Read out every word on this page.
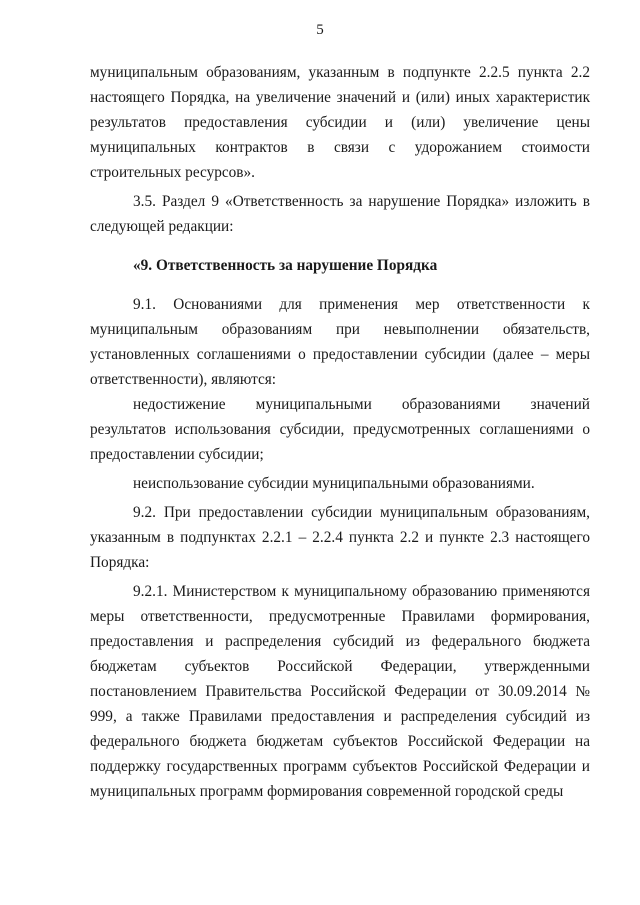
5

муниципальным образованиям, указанным в подпункте 2.2.5 пункта 2.2 настоящего Порядка, на увеличение значений и (или) иных характеристик результатов предоставления субсидии и (или) увеличение цены муниципальных контрактов в связи с удорожанием стоимости строительных ресурсов».

3.5. Раздел 9 «Ответственность за нарушение Порядка» изложить в следующей редакции:

«9. Ответственность за нарушение Порядка

9.1. Основаниями для применения мер ответственности к муниципальным образованиям при невыполнении обязательств, установленных соглашениями о предоставлении субсидии (далее – меры ответственности), являются:

недостижение муниципальными образованиями значений результатов использования субсидии, предусмотренных соглашениями о предоставлении субсидии;

неиспользование субсидии муниципальными образованиями.

9.2. При предоставлении субсидии муниципальным образованиям, указанным в подпунктах 2.2.1 – 2.2.4 пункта 2.2 и пункте 2.3 настоящего Порядка:

9.2.1. Министерством к муниципальному образованию применяются меры ответственности, предусмотренные Правилами формирования, предоставления и распределения субсидий из федерального бюджета бюджетам субъектов Российской Федерации, утвержденными постановлением Правительства Российской Федерации от 30.09.2014 № 999, а также Правилами предоставления и распределения субсидий из федерального бюджета бюджетам субъектов Российской Федерации на поддержку государственных программ субъектов Российской Федерации и муниципальных программ формирования современной городской среды
